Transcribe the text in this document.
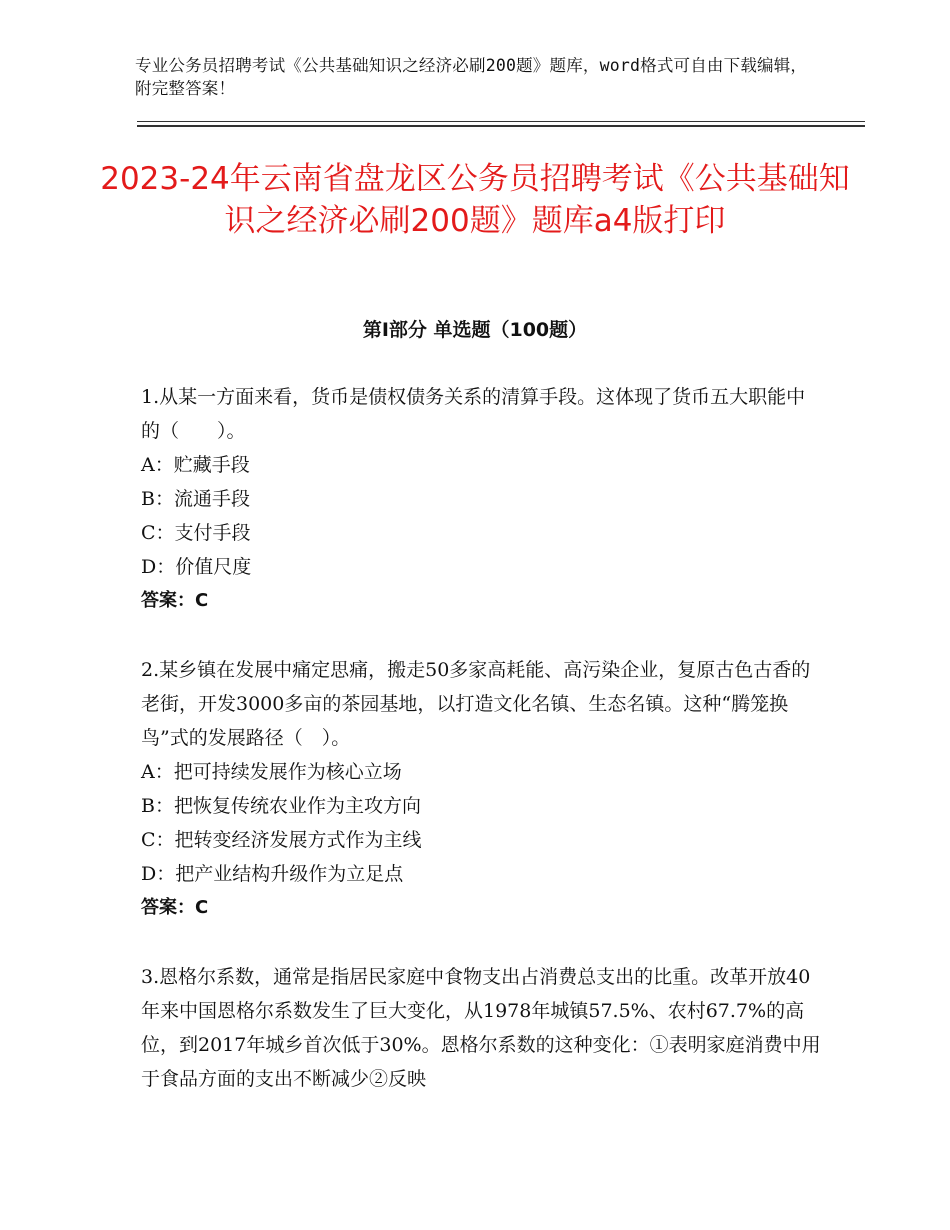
专业公务员招聘考试《公共基础知识之经济必刷200题》题库，word格式可自由下载编辑，附完整答案！
2023-24年云南省盘龙区公务员招聘考试《公共基础知识之经济必刷200题》题库a4版打印
第Ⅰ部分 单选题（100题）
1.从某一方面来看，货币是债权债务关系的清算手段。这体现了货币五大职能中的（　　）。
A：贮藏手段
B：流通手段
C：支付手段
D：价值尺度
答案：C
2.某乡镇在发展中痛定思痛，搬走50多家高耗能、高污染企业，复原古色古香的老街，开发3000多亩的茶园基地，以打造文化名镇、生态名镇。这种“腾笼换鸟”式的发展路径（　）。
A：把可持续发展作为核心立场
B：把恢复传统农业作为主攻方向
C：把转变经济发展方式作为主线
D：把产业结构升级作为立足点
答案：C
3.恩格尔系数，通常是指居民家庭中食物支出占消费总支出的比重。改革开放40年来中国恩格尔系数发生了巨大变化，从1978年城镇57.5%、农村67.7%的高位，到2017年城乡首次低于30%。恩格尔系数的这种变化：①表明家庭消费中用于食品方面的支出不断减少②反映
